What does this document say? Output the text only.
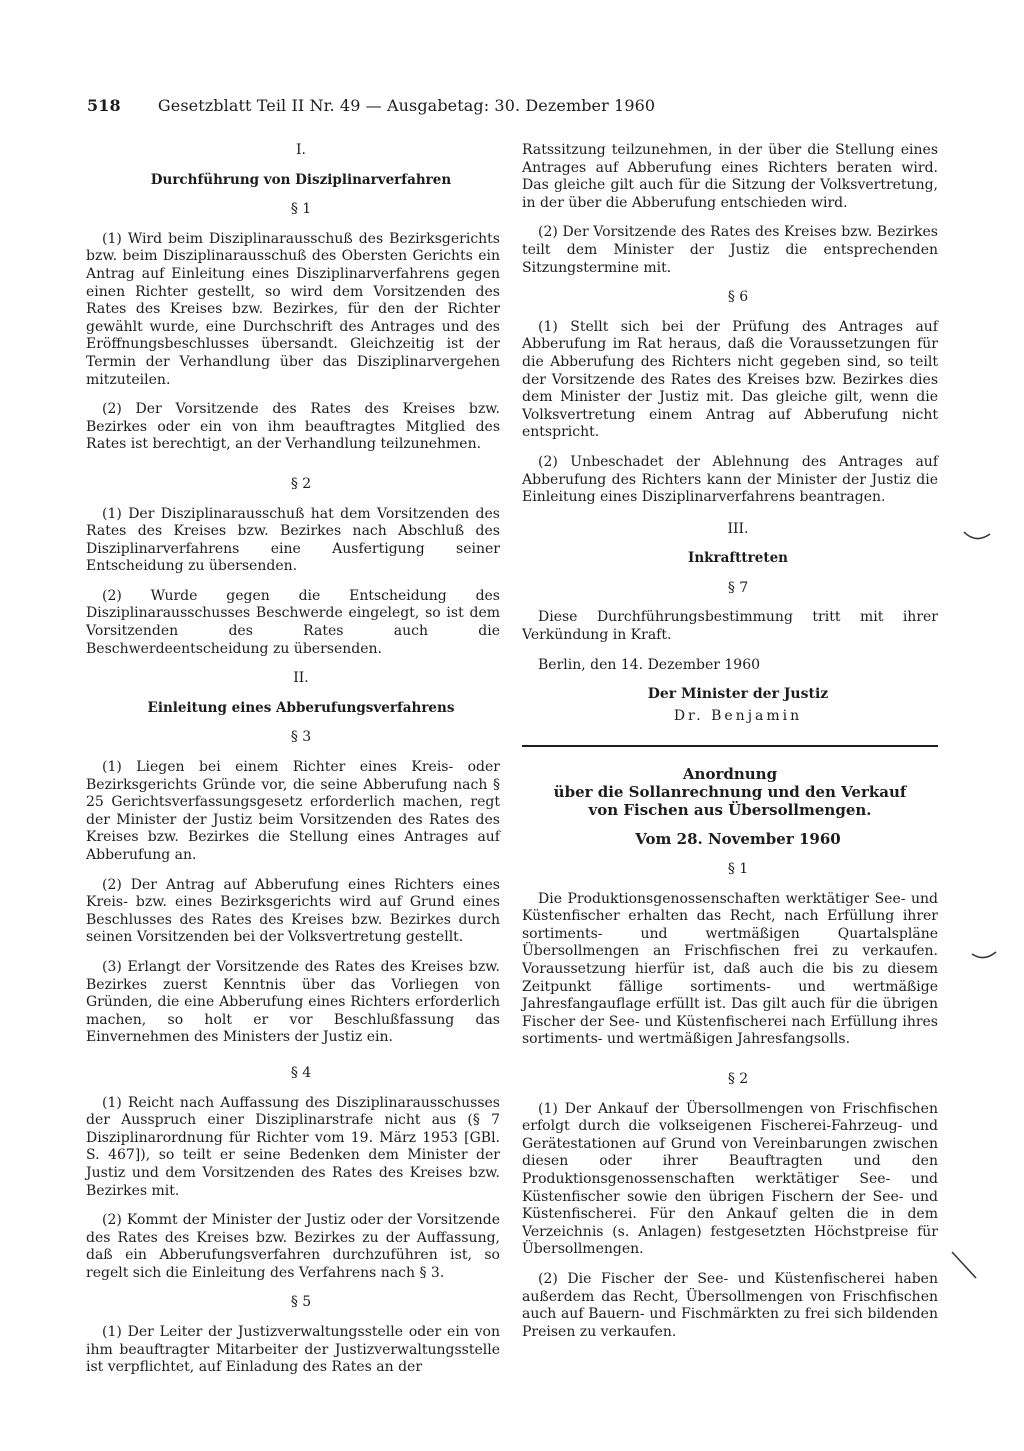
518 Gesetzblatt Teil II Nr. 49 — Ausgabetag: 30. Dezember 1960

I.

Durchführung von Disziplinarverfahren

§ 1

(1) Wird beim Disziplinarausschuß des Bezirksgerichts bzw. beim Disziplinarausschuß des Obersten Gerichts ein Antrag auf Einleitung eines Disziplinarverfahrens gegen einen Richter gestellt, so wird dem Vorsitzenden des Rates des Kreises bzw. Bezirkes, für den der Richter gewählt wurde, eine Durchschrift des Antrages und des Eröffnungsbeschlusses übersandt. Gleichzeitig ist der Termin der Verhandlung über das Disziplinarvergehen mitzuteilen.

(2) Der Vorsitzende des Rates des Kreises bzw. Bezirkes oder ein von ihm beauftragtes Mitglied des Rates ist berechtigt, an der Verhandlung teilzunehmen.

§ 2

(1) Der Disziplinarausschuß hat dem Vorsitzenden des Rates des Kreises bzw. Bezirkes nach Abschluß des Disziplinarverfahrens eine Ausfertigung seiner Entscheidung zu übersenden.

(2) Wurde gegen die Entscheidung des Disziplinarausschusses Beschwerde eingelegt, so ist dem Vorsitzenden des Rates auch die Beschwerdeentscheidung zu übersenden.

II.

Einleitung eines Abberufungsverfahrens

§ 3

(1) Liegen bei einem Richter eines Kreis- oder Bezirksgerichts Gründe vor, die seine Abberufung nach § 25 Gerichtsverfassungsgesetz erforderlich machen, regt der Minister der Justiz beim Vorsitzenden des Rates des Kreises bzw. Bezirkes die Stellung eines Antrages auf Abberufung an.

(2) Der Antrag auf Abberufung eines Richters eines Kreis- bzw. eines Bezirksgerichts wird auf Grund eines Beschlusses des Rates des Kreises bzw. Bezirkes durch seinen Vorsitzenden bei der Volksvertretung gestellt.

(3) Erlangt der Vorsitzende des Rates des Kreises bzw. Bezirkes zuerst Kenntnis über das Vorliegen von Gründen, die eine Abberufung eines Richters erforderlich machen, so holt er vor Beschlußfassung das Einvernehmen des Ministers der Justiz ein.

§ 4

(1) Reicht nach Auffassung des Disziplinarausschusses der Ausspruch einer Disziplinarstrafe nicht aus (§ 7 Disziplinarordnung für Richter vom 19. März 1953 [GBl. S. 467]), so teilt er seine Bedenken dem Minister der Justiz und dem Vorsitzenden des Rates des Kreises bzw. Bezirkes mit.

(2) Kommt der Minister der Justiz oder der Vorsitzende des Rates des Kreises bzw. Bezirkes zu der Auffassung, daß ein Abberufungsverfahren durchzuführen ist, so regelt sich die Einleitung des Verfahrens nach § 3.

§ 5

(1) Der Leiter der Justizverwaltungsstelle oder ein von ihm beauftragter Mitarbeiter der Justizverwaltungsstelle ist verpflichtet, auf Einladung des Rates an der

Ratssitzung teilzunehmen, in der über die Stellung eines Antrages auf Abberufung eines Richters beraten wird. Das gleiche gilt auch für die Sitzung der Volksvertretung, in der über die Abberufung entschieden wird.

(2) Der Vorsitzende des Rates des Kreises bzw. Bezirkes teilt dem Minister der Justiz die entsprechenden Sitzungstermine mit.

§ 6

(1) Stellt sich bei der Prüfung des Antrages auf Abberufung im Rat heraus, daß die Voraussetzungen für die Abberufung des Richters nicht gegeben sind, so teilt der Vorsitzende des Rates des Kreises bzw. Bezirkes dies dem Minister der Justiz mit. Das gleiche gilt, wenn die Volksvertretung einem Antrag auf Abberufung nicht entspricht.

(2) Unbeschadet der Ablehnung des Antrages auf Abberufung des Richters kann der Minister der Justiz die Einleitung eines Disziplinarverfahrens beantragen.

III.

Inkrafttreten

§ 7

Diese Durchführungsbestimmung tritt mit ihrer Verkündung in Kraft.

Berlin, den 14. Dezember 1960

Der Minister der Justiz

Dr. Benjamin

Anordnung
über die Sollanrechnung und den Verkauf
von Fischen aus Übersollmengen.

Vom 28. November 1960

§ 1

Die Produktionsgenossenschaften werktätiger See- und Küstenfischer erhalten das Recht, nach Erfüllung ihrer sortiments- und wertmäßigen Quartalspläne Übersollmengen an Frischfischen frei zu verkaufen. Voraussetzung hierfür ist, daß auch die bis zu diesem Zeitpunkt fällige sortiments- und wertmäßige Jahresfangauflage erfüllt ist. Das gilt auch für die übrigen Fischer der See- und Küstenfischerei nach Erfüllung ihres sortiments- und wertmäßigen Jahresfangsolls.

§ 2

(1) Der Ankauf der Übersollmengen von Frischfischen erfolgt durch die volkseigenen Fischerei-Fahrzeug- und Gerätestationen auf Grund von Vereinbarungen zwischen diesen oder ihrer Beauftragten und den Produktionsgenossenschaften werktätiger See- und Küstenfischer sowie den übrigen Fischern der See- und Küstenfischerei. Für den Ankauf gelten die in dem Verzeichnis (s. Anlagen) festgesetzten Höchstpreise für Übersollmengen.

(2) Die Fischer der See- und Küstenfischerei haben außerdem das Recht, Übersollmengen von Frischfischen auch auf Bauern- und Fischmärkten zu frei sich bildenden Preisen zu verkaufen.
